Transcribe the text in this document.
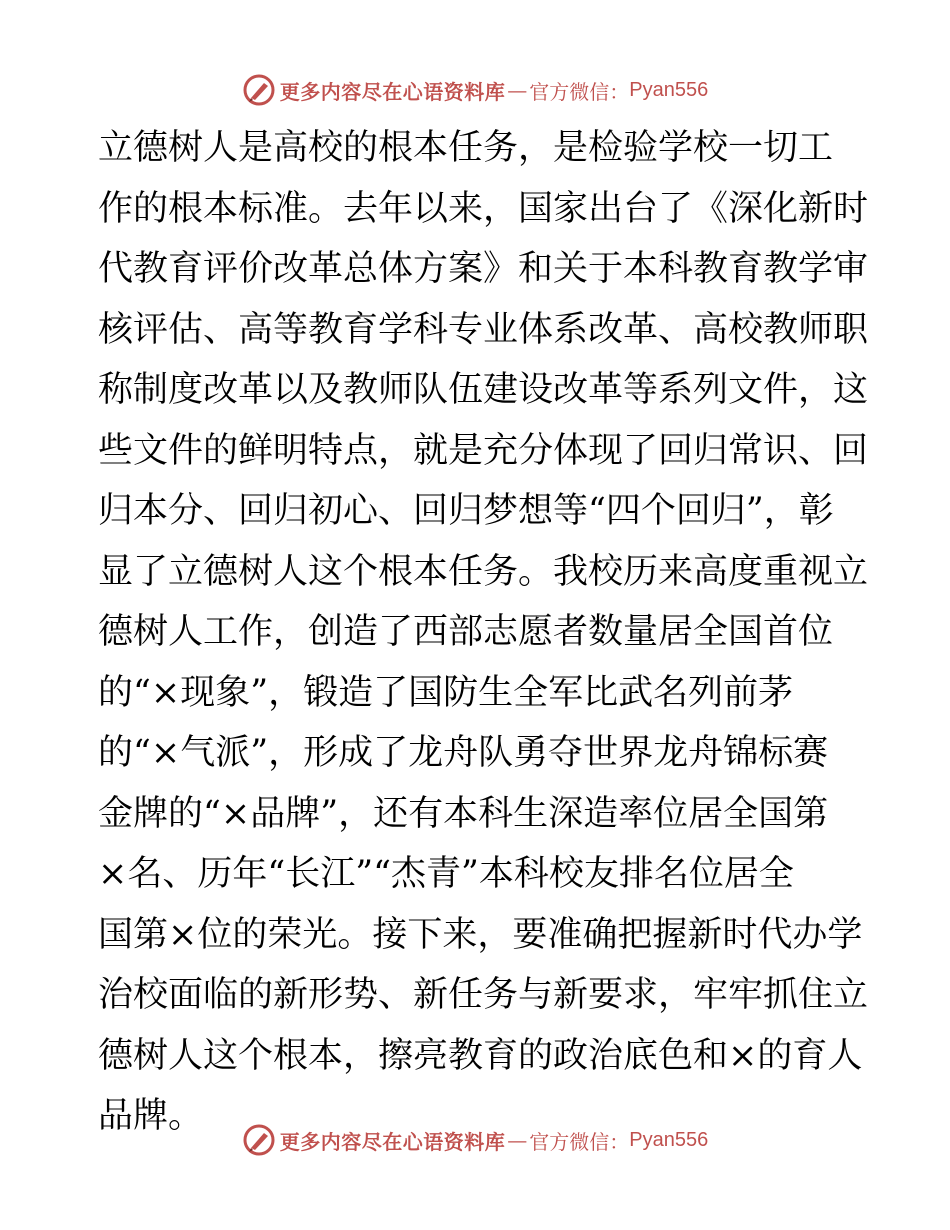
更多内容尽在心语资料库 — 官方微信： Pyan556
立德树人是高校的根本任务，是检验学校一切工
作的根本标准。去年以来，国家出台了《深化新时
代教育评价改革总体方案》和关于本科教育教学审
核评估、高等教育学科专业体系改革、高校教师职
称制度改革以及教师队伍建设改革等系列文件，这
些文件的鲜明特点，就是充分体现了回归常识、回
归本分、回归初心、回归梦想等“四个回归”，彰
显了立德树人这个根本任务。我校历来高度重视立
德树人工作，创造了西部志愿者数量居全国首位
的“×现象”，锻造了国防生全军比武名列前茅
的“×气派”，形成了龙舟队勇夺世界龙舟锦标赛
金牌的“×品牌”，还有本科生深造率位居全国第
×名、历年“长江”“杰青”本科校友排名位居全
国第×位的荣光。接下来，要准确把握新时代办学
治校面临的新形势、新任务与新要求，牢牢抓住立
德树人这个根本，擦亮教育的政治底色和×的育人
品牌。
更多内容尽在心语资料库 — 官方微信： Pyan556
